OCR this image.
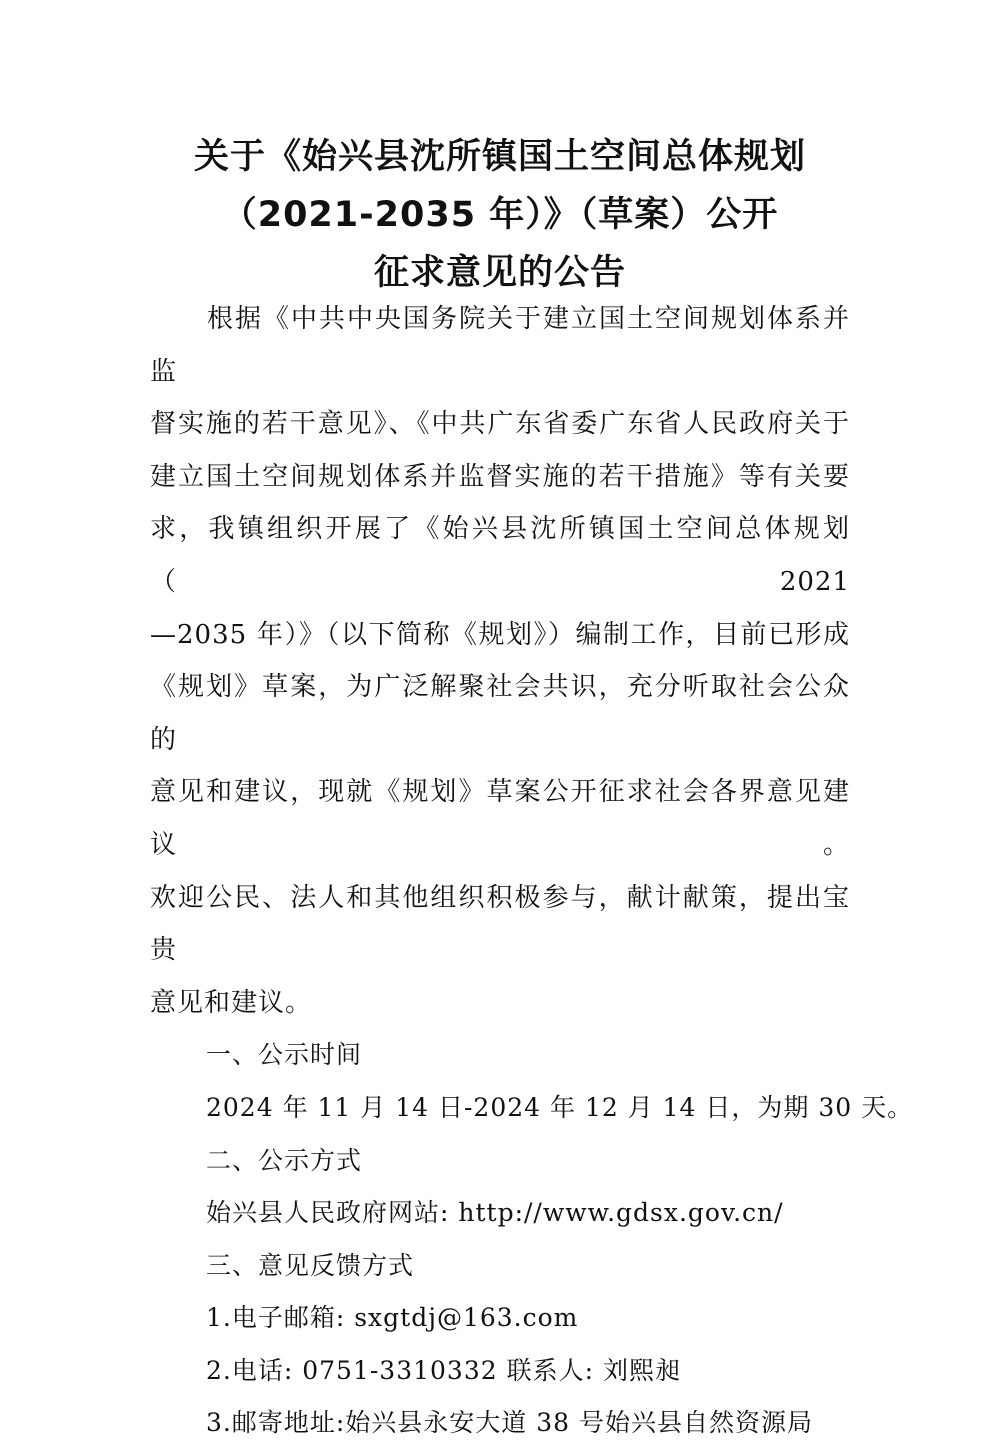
关于《始兴县沈所镇国土空间总体规划
（2021-2035 年）》（草案）公开
征求意见的公告

根据《中共中央国务院关于建立国土空间规划体系并监

督实施的若干意见》、《中共广东省委广东省人民政府关于

建立国土空间规划体系并监督实施的若干措施》等有关要

求，我镇组织开展了《始兴县沈所镇国土空间总体规划（2021

—2035 年）》（以下简称《规划》）编制工作，目前已形成

《规划》草案，为广泛解聚社会共识，充分听取社会公众的

意见和建议，现就《规划》草案公开征求社会各界意见建议。

欢迎公民、法人和其他组织积极参与，献计献策，提出宝贵

意见和建议。

一、公示时间

2024 年 11 月 14 日-2024 年 12 月 14 日，为期 30 天。

二、公示方式

始兴县人民政府网站: http://www.gdsx.gov.cn/

三、意见反馈方式

1.电子邮箱: sxgtdj@163.com

2.电话: 0751-3310332 联系人: 刘熙昶

3.邮寄地址:始兴县永安大道 38 号始兴县自然资源局
